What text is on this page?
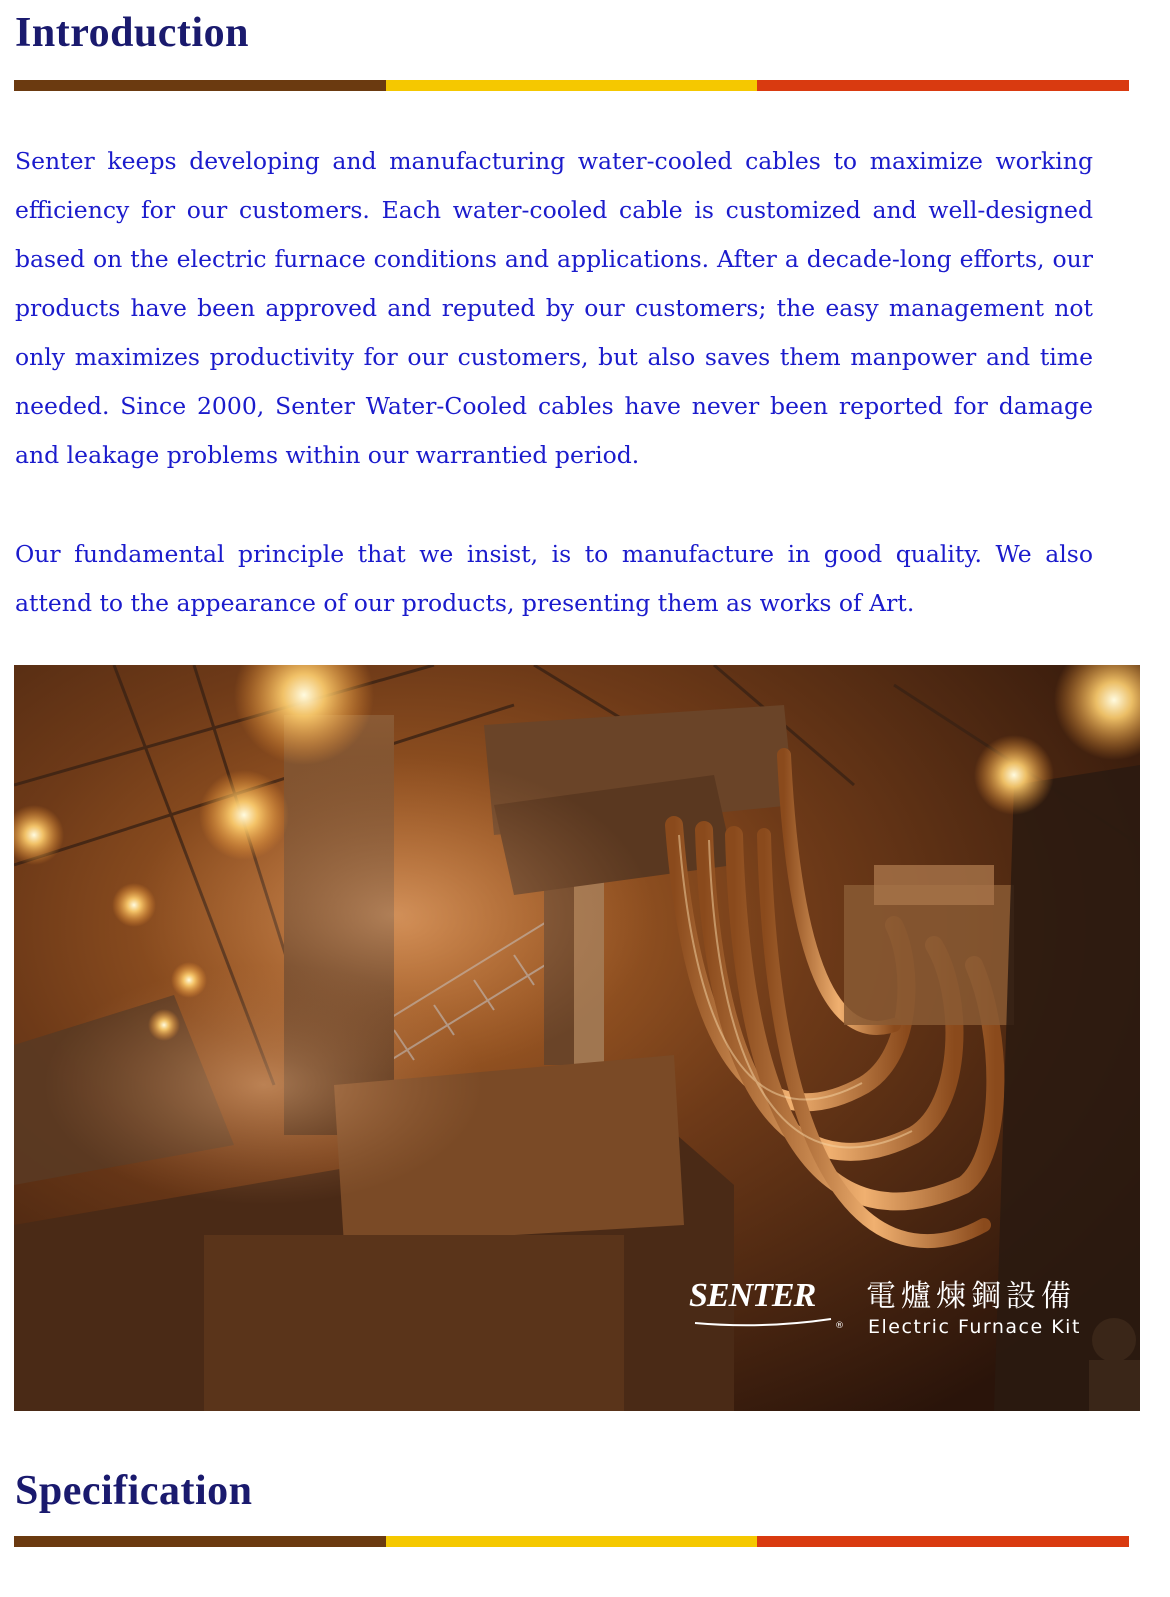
Introduction

Senter keeps developing and manufacturing water-cooled cables to maximize working efficiency for our customers. Each water-cooled cable is customized and well-designed based on the electric furnace conditions and applications. After a decade-long efforts, our products have been approved and reputed by our customers; the easy management not only maximizes productivity for our customers, but also saves them manpower and time needed. Since 2000, Senter Water-Cooled cables have never been reported for damage and leakage problems within our warrantied period.

Our fundamental principle that we insist, is to manufacture in good quality. We also attend to the appearance of our products, presenting them as works of Art.

SENTER
®
電爐煉鋼設備
Electric Furnace Kit
Specification
